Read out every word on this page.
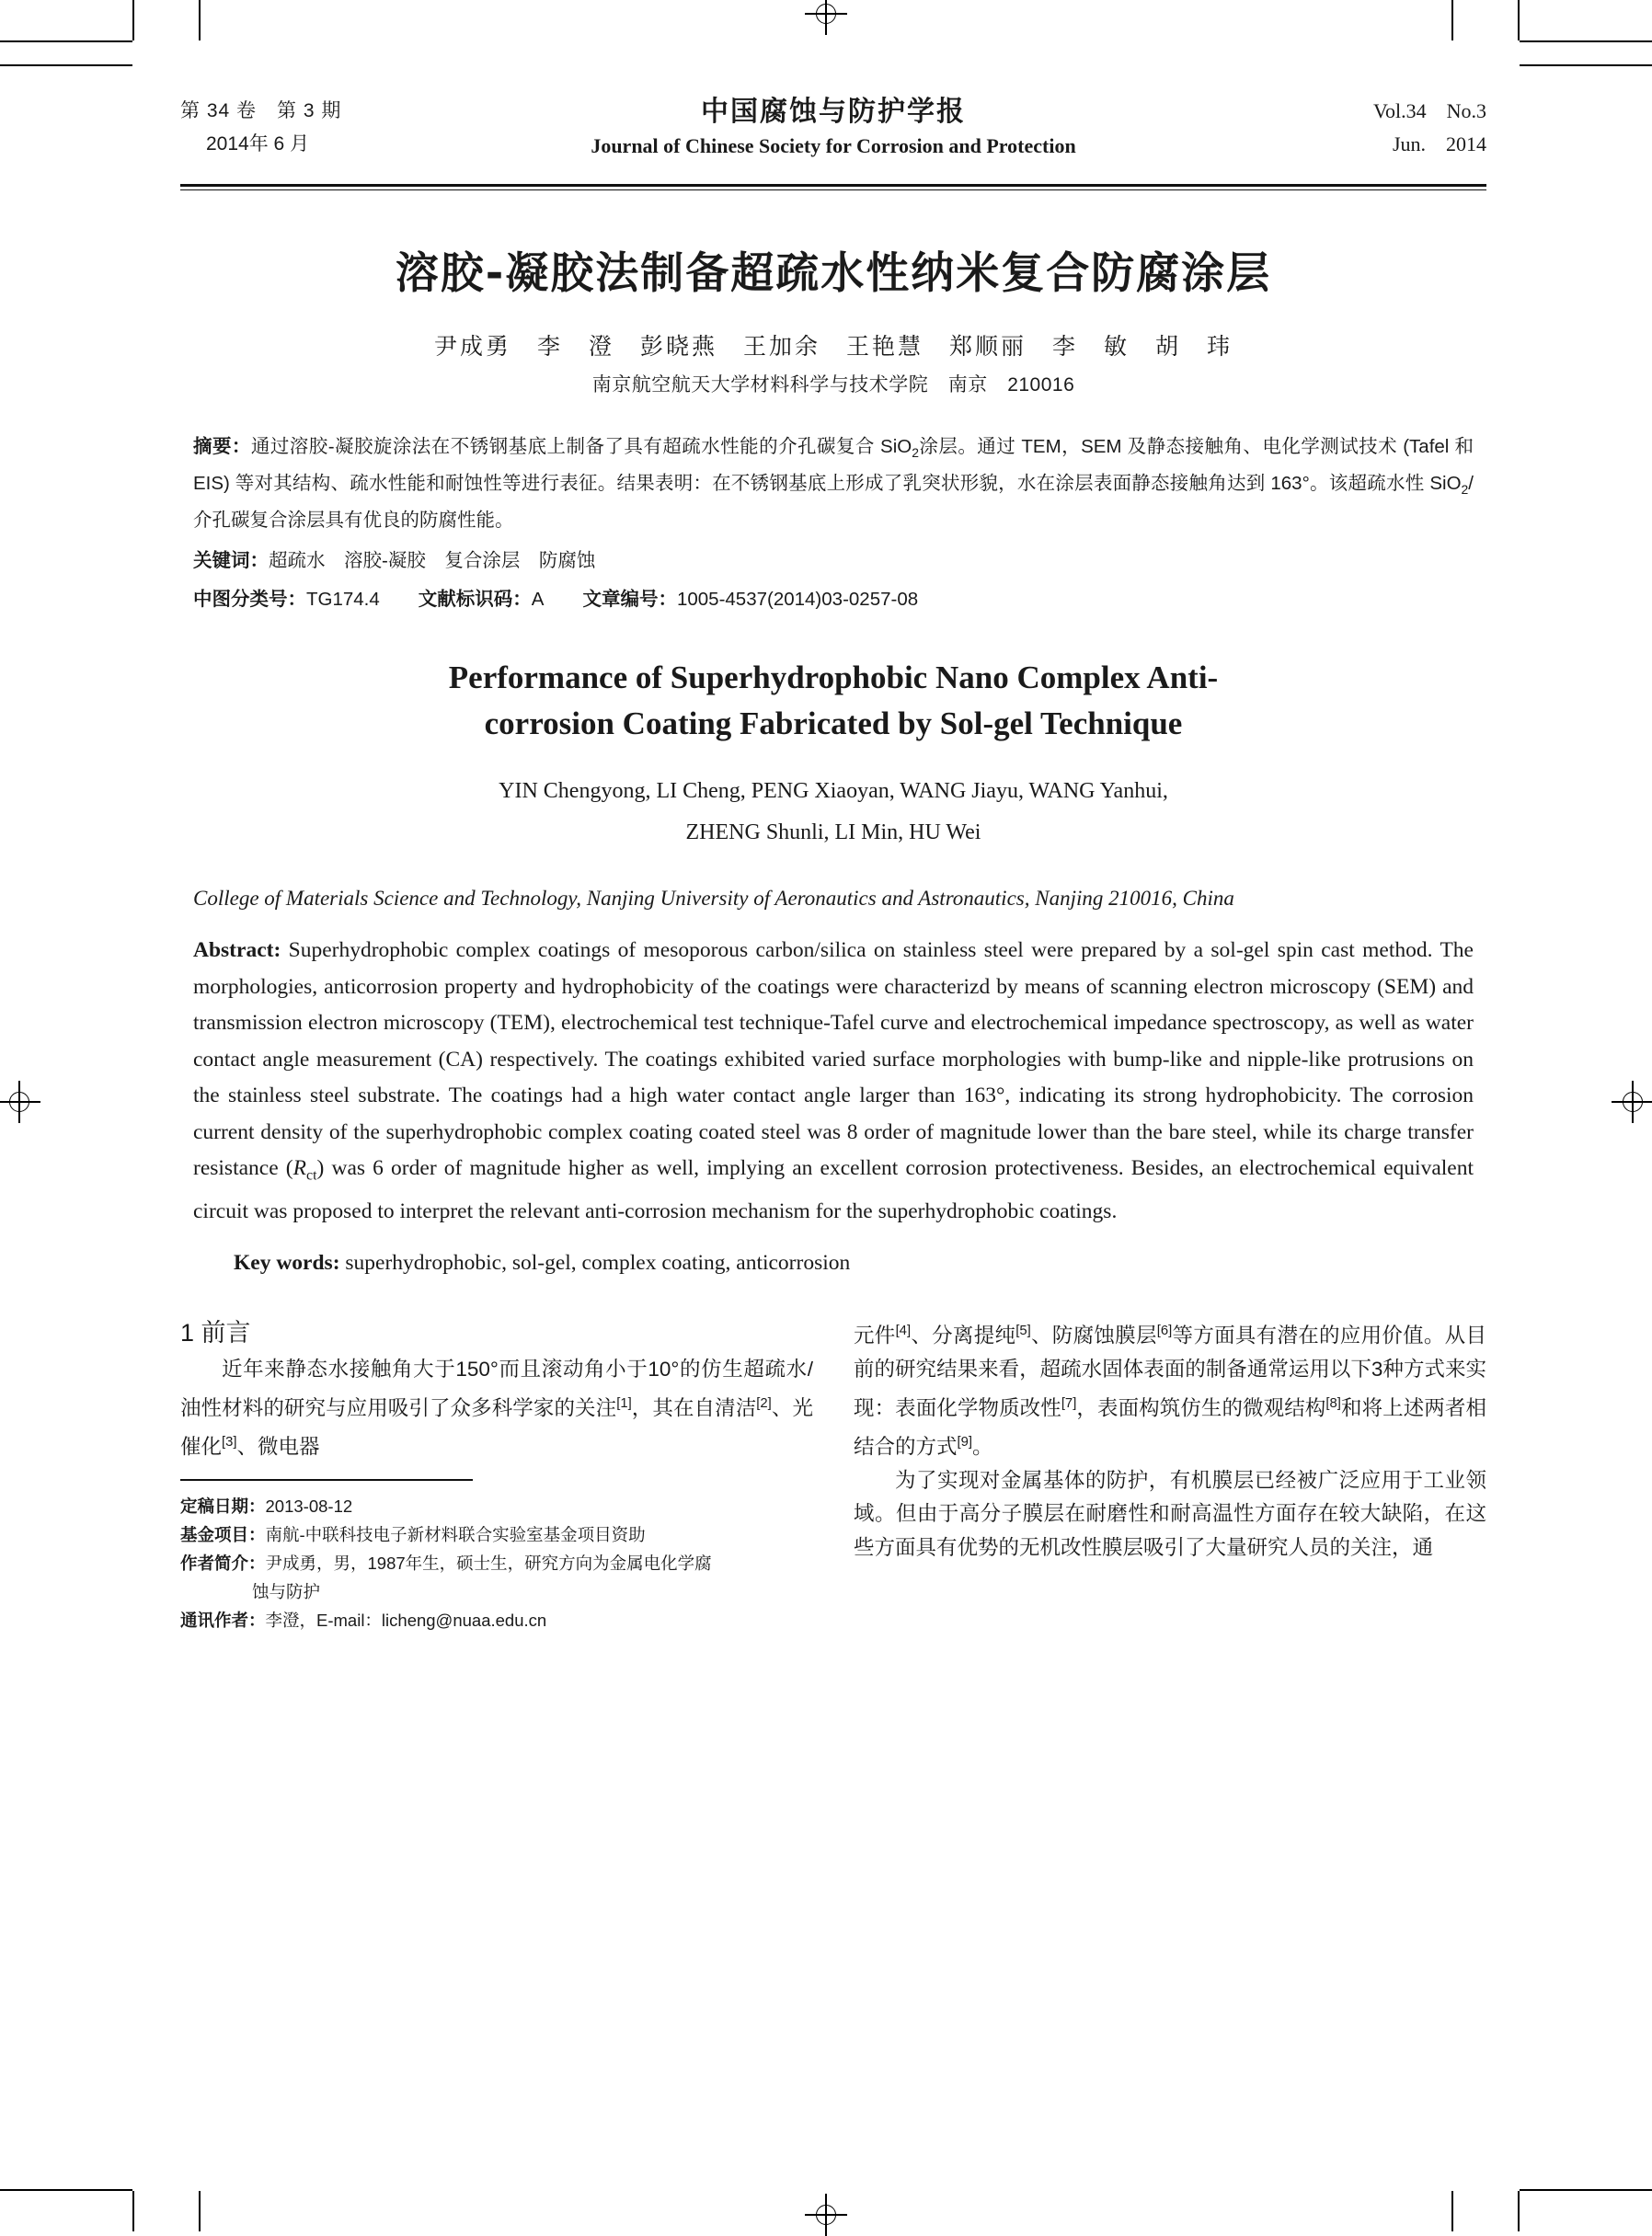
第 34 卷　第 3 期
2014年 6 月
中国腐蚀与防护学报
Journal of Chinese Society for Corrosion and Protection
Vol.34　No.3
Jun.　2014
溶胶-凝胶法制备超疏水性纳米复合防腐涂层
尹成勇　李　澄　彭晓燕　王加余　王艳慧　郑顺丽　李　敏　胡　玮
南京航空航天大学材料科学与技术学院　南京　210016
摘要：通过溶胶-凝胶旋涂法在不锈钢基底上制备了具有超疏水性能的介孔碳复合 SiO$_2$涂层。通过 TEM，SEM 及静态接触角、电化学测试技术 (Tafel 和 EIS) 等对其结构、疏水性能和耐蚀性等进行表征。结果表明：在不锈钢基底上形成了乳突状形貌，水在涂层表面静态接触角达到 163°。该超疏水性 SiO$_2$/介孔碳复合涂层具有优良的防腐性能。
关键词：超疏水　溶胶-凝胶　复合涂层　防腐蚀
中图分类号：TG174.4 文献标识码：A 文章编号：1005-4537(2014)03-0257-08
Performance of Superhydrophobic Nano Complex Anti-
corrosion Coating Fabricated by Sol-gel Technique
YIN Chengyong, LI Cheng, PENG Xiaoyan, WANG Jiayu, WANG Yanhui,
ZHENG Shunli, LI Min, HU Wei
College of Materials Science and Technology, Nanjing University of Aeronautics and Astronautics, Nanjing 210016, China
Abstract: Superhydrophobic complex coatings of mesoporous carbon/silica on stainless steel were prepared by a sol-gel spin cast method. The morphologies, anticorrosion property and hydrophobicity of the coatings were characterizd by means of scanning electron microscopy (SEM) and transmission electron microscopy (TEM), electrochemical test technique-Tafel curve and electrochemical impedance spectroscopy, as well as water contact angle measurement (CA) respectively. The coatings exhibited varied surface morphologies with bump-like and nipple-like protrusions on the stainless steel substrate. The coatings had a high water contact angle larger than 163°, indicating its strong hydrophobicity. The corrosion current density of the superhydrophobic complex coating coated steel was 8 order of magnitude lower than the bare steel, while its charge transfer resistance $(R_{ct})$ was 6 order of magnitude higher as well, implying an excellent corrosion protectiveness. Besides, an electrochemical equivalent circuit was proposed to interpret the relevant anti-corrosion mechanism for the superhydrophobic coatings.
Key words: superhydrophobic, sol-gel, complex coating, anticorrosion
1 前言

近年来静态水接触角大于150°而且滚动角小于10°的仿生超疏水/油性材料的研究与应用吸引了众多科学家的关注[1]，其在自清洁[2]、光催化[3]、微电器

定稿日期：2013-08-12
基金项目：南航-中联科技电子新材料联合实验室基金项目资助
作者简介：尹成勇，男，1987年生，硕士生，研究方向为金属电化学腐
蚀与防护
通讯作者：李澄，E-mail：licheng@nuaa.edu.cn

元件[4]、分离提纯[5]、防腐蚀膜层[6]等方面具有潜在的应用价值。从目前的研究结果来看，超疏水固体表面的制备通常运用以下3种方式来实现：表面化学物质改性[7]，表面构筑仿生的微观结构[8]和将上述两者相结合的方式[9]。

为了实现对金属基体的防护，有机膜层已经被广泛应用于工业领域。但由于高分子膜层在耐磨性和耐高温性方面存在较大缺陷，在这些方面具有优势的无机改性膜层吸引了大量研究人员的关注，通
